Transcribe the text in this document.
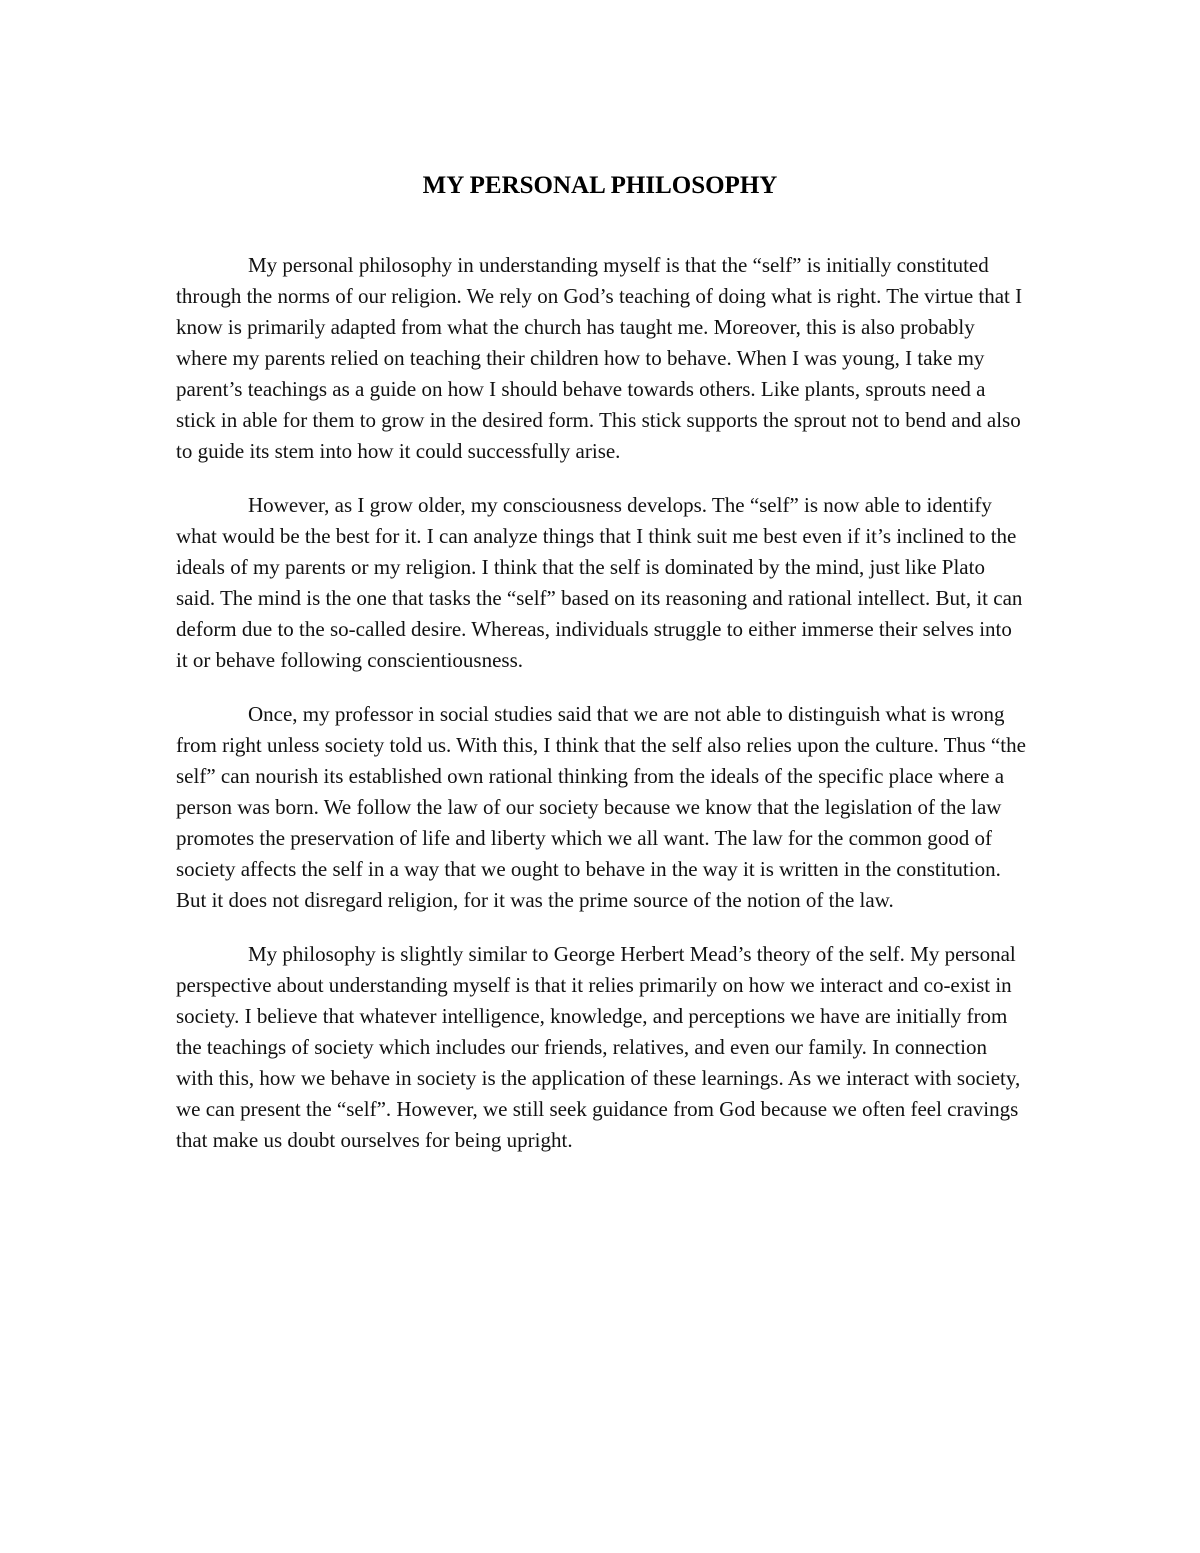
MY PERSONAL PHILOSOPHY

My personal philosophy in understanding myself is that the “self” is initially constituted through the norms of our religion. We rely on God’s teaching of doing what is right. The virtue that I know is primarily adapted from what the church has taught me. Moreover, this is also probably where my parents relied on teaching their children how to behave. When I was young, I take my parent’s teachings as a guide on how I should behave towards others. Like plants, sprouts need a stick in able for them to grow in the desired form. This stick supports the sprout not to bend and also to guide its stem into how it could successfully arise.

However, as I grow older, my consciousness develops. The “self” is now able to identify what would be the best for it. I can analyze things that I think suit me best even if it’s inclined to the ideals of my parents or my religion. I think that the self is dominated by the mind, just like Plato said. The mind is the one that tasks the “self” based on its reasoning and rational intellect. But, it can deform due to the so-called desire. Whereas, individuals struggle to either immerse their selves into it or behave following conscientiousness.

Once, my professor in social studies said that we are not able to distinguish what is wrong from right unless society told us. With this, I think that the self also relies upon the culture. Thus “the self” can nourish its established own rational thinking from the ideals of the specific place where a person was born. We follow the law of our society because we know that the legislation of the law promotes the preservation of life and liberty which we all want. The law for the common good of society affects the self in a way that we ought to behave in the way it is written in the constitution. But it does not disregard religion, for it was the prime source of the notion of the law.

My philosophy is slightly similar to George Herbert Mead’s theory of the self. My personal perspective about understanding myself is that it relies primarily on how we interact and co-exist in society. I believe that whatever intelligence, knowledge, and perceptions we have are initially from the teachings of society which includes our friends, relatives, and even our family. In connection with this, how we behave in society is the application of these learnings. As we interact with society, we can present the “self”. However, we still seek guidance from God because we often feel cravings that make us doubt ourselves for being upright.
